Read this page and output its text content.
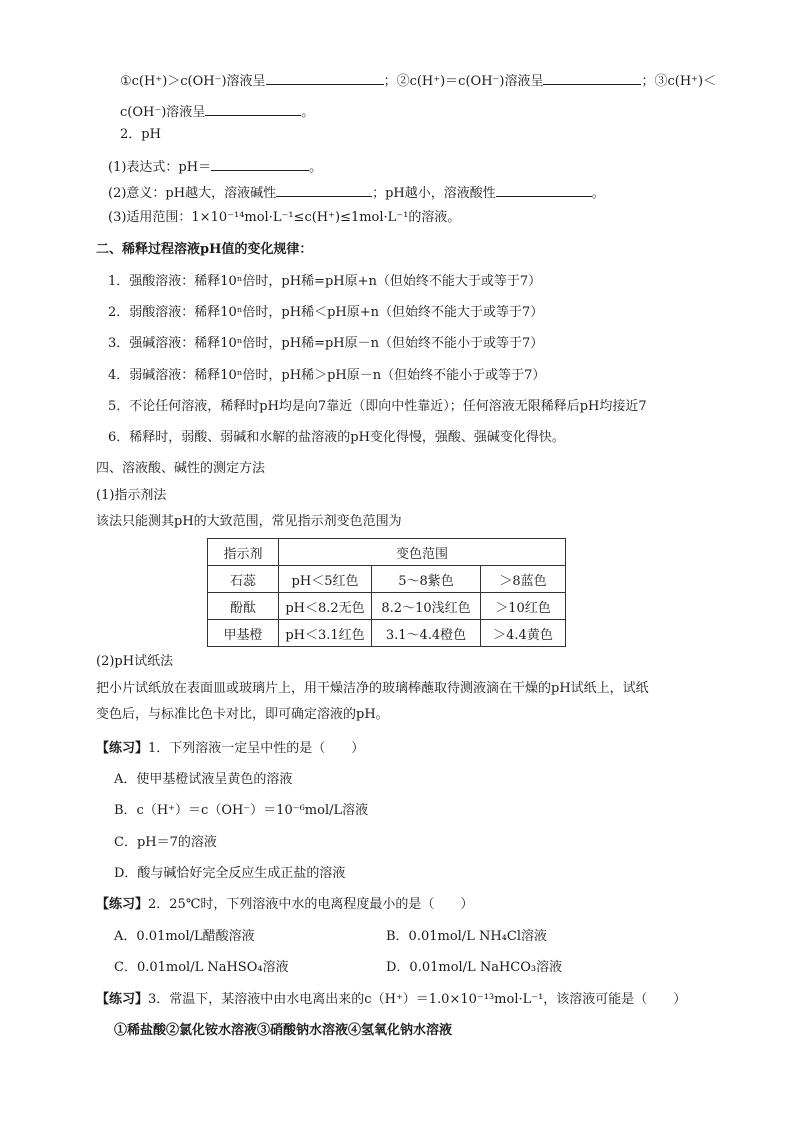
①c(H⁺)＞c(OH⁻)溶液呈	；②c(H⁺)＝c(OH⁻)溶液呈	；③c(H⁺)＜
c(OH⁻)溶液呈	。
2．pH
(1)表达式：pH＝	。
(2)意义：pH越大，溶液碱性	；pH越小，溶液酸性	。
(3)适用范围：1×10⁻¹⁴mol·L⁻¹≤c(H⁺)≤1mol·L⁻¹的溶液。
二、稀释过程溶液pH值的变化规律：
1．强酸溶液：稀释10ⁿ倍时，pH稀=pH原+n（但始终不能大于或等于7）
2．弱酸溶液：稀释10ⁿ倍时，pH稀＜pH原+n（但始终不能大于或等于7）
3．强碱溶液：稀释10ⁿ倍时，pH稀=pH原－n（但始终不能小于或等于7）
4．弱碱溶液：稀释10ⁿ倍时，pH稀＞pH原－n（但始终不能小于或等于7）
5．不论任何溶液，稀释时pH均是向7靠近（即向中性靠近）；任何溶液无限稀释后pH均接近7
6．稀释时，弱酸、弱碱和水解的盐溶液的pH变化得慢，强酸、强碱变化得快。
四、溶液酸、碱性的测定方法
(1)指示剂法
该法只能测其pH的大致范围，常见指示剂变色范围为
指示剂	变色范围		
石蕊	pH＜5红色	5～8紫色	＞8蓝色
酚酞	pH＜8.2无色	8.2～10浅红色	＞10红色
甲基橙	pH＜3.1红色	3.1～4.4橙色	＞4.4黄色
(2)pH试纸法
把小片试纸放在表面皿或玻璃片上，用干燥洁净的玻璃棒蘸取待测液滴在干燥的pH试纸上，试纸
变色后，与标准比色卡对比，即可确定溶液的pH。
【练习】1．下列溶液一定呈中性的是（　　）
A．使甲基橙试液呈黄色的溶液
B．c（H⁺）＝c（OH⁻）＝10⁻⁶mol/L溶液
C．pH＝7的溶液
D．酸与碱恰好完全反应生成正盐的溶液
【练习】2．25℃时，下列溶液中水的电离程度最小的是（　　）
A．0.01mol/L醋酸溶液	B．0.01mol/L NH₄Cl溶液
C．0.01mol/L NaHSO₄溶液	D．0.01mol/L NaHCO₃溶液
【练习】3．常温下，某溶液中由水电离出来的c（H⁺）＝1.0×10⁻¹³mol·L⁻¹，该溶液可能是（　　）
①稀盐酸②氯化铵水溶液③硝酸钠水溶液④氢氧化钠水溶液
